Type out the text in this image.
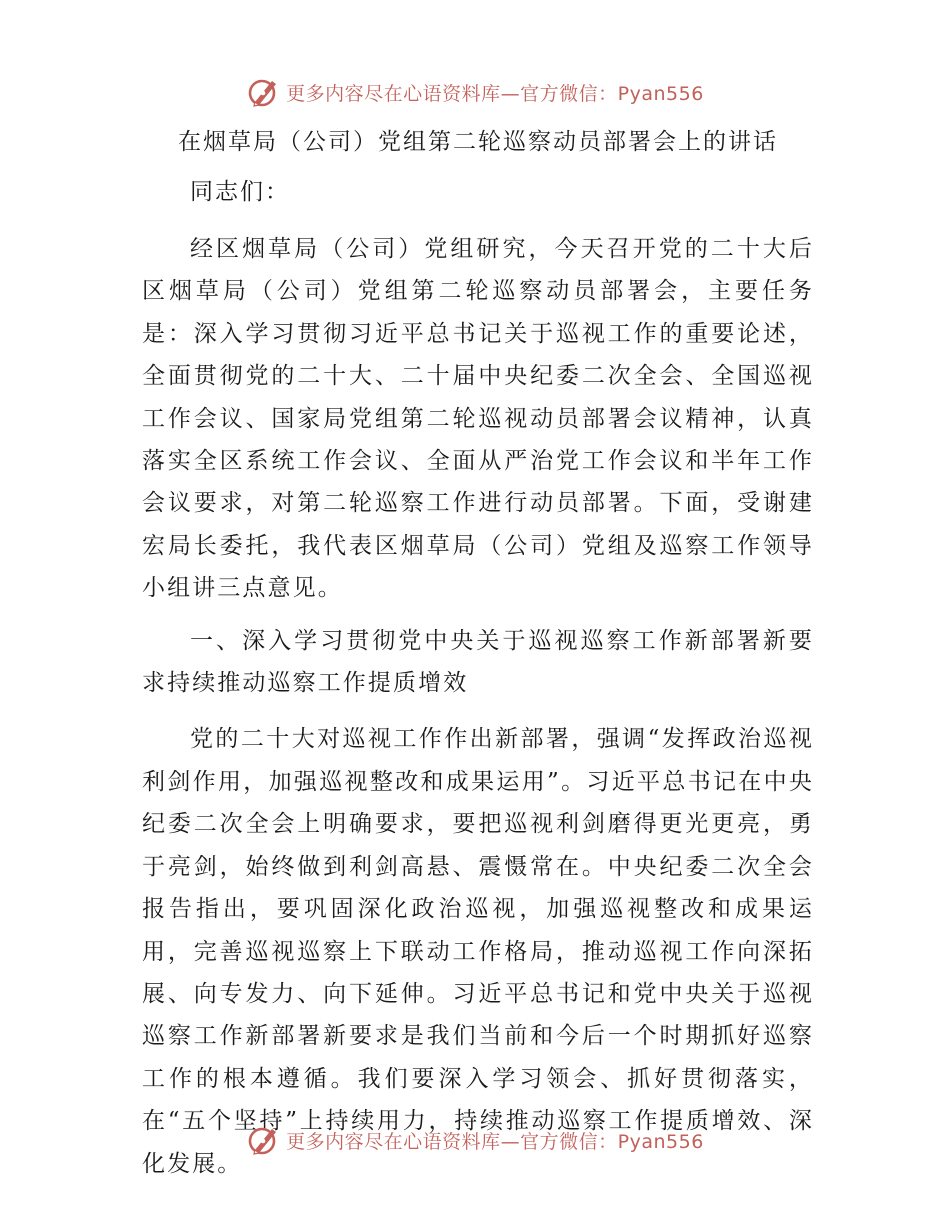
更多内容尽在心语资料库—官方微信：Pyan556
在烟草局（公司）党组第二轮巡察动员部署会上的讲话
同志们：

经区烟草局（公司）党组研究，今天召开党的二十大后区烟草局（公司）党组第二轮巡察动员部署会，主要任务是：深入学习贯彻习近平总书记关于巡视工作的重要论述，全面贯彻党的二十大、二十届中央纪委二次全会、全国巡视工作会议、国家局党组第二轮巡视动员部署会议精神，认真落实全区系统工作会议、全面从严治党工作会议和半年工作会议要求，对第二轮巡察工作进行动员部署。下面，受谢建宏局长委托，我代表区烟草局（公司）党组及巡察工作领导小组讲三点意见。

一、深入学习贯彻党中央关于巡视巡察工作新部署新要求持续推动巡察工作提质增效

党的二十大对巡视工作作出新部署，强调“发挥政治巡视利剑作用，加强巡视整改和成果运用”。习近平总书记在中央纪委二次全会上明确要求，要把巡视利剑磨得更光更亮，勇于亮剑，始终做到利剑高悬、震慑常在。中央纪委二次全会报告指出，要巩固深化政治巡视，加强巡视整改和成果运用，完善巡视巡察上下联动工作格局，推动巡视工作向深拓展、向专发力、向下延伸。习近平总书记和党中央关于巡视巡察工作新部署新要求是我们当前和今后一个时期抓好巡察工作的根本遵循。我们要深入学习领会、抓好贯彻落实，在“五个坚持”上持续用力，持续推动巡察工作提质增效、深化发展。

更多内容尽在心语资料库—官方微信：Pyan556
